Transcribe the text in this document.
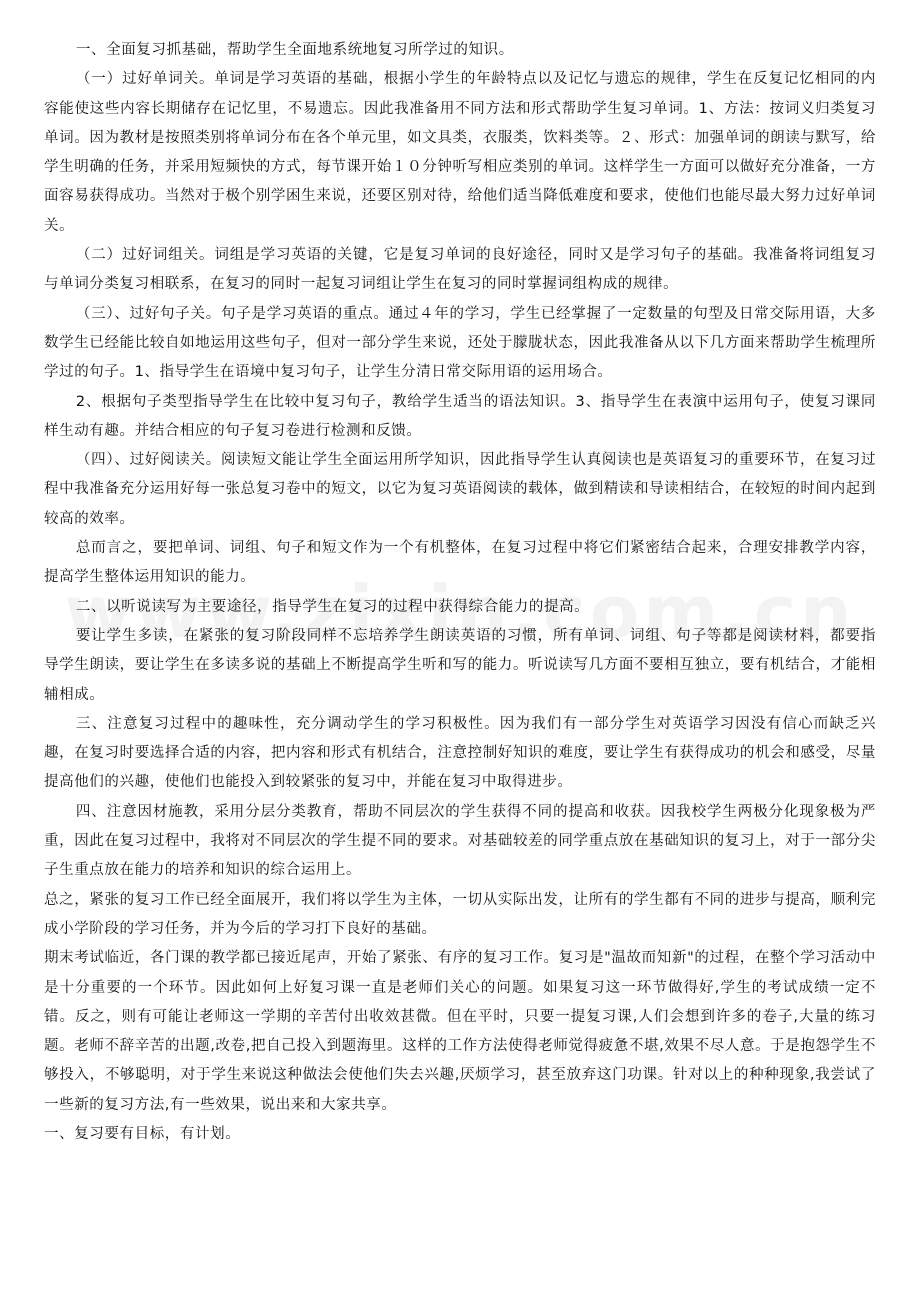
一、全面复习抓基础，帮助学生全面地系统地复习所学过的知识。

（一）过好单词关。单词是学习英语的基础，根据小学生的年龄特点以及记忆与遗忘的规律，学生在反复记忆相同的内容能使这些内容长期储存在记忆里，不易遗忘。因此我准备用不同方法和形式帮助学生复习单词。1、方法：按词义归类复习单词。因为教材是按照类别将单词分布在各个单元里，如文具类，衣服类，饮料类等。２、形式：加强单词的朗读与默写，给学生明确的任务，并采用短频快的方式，每节课开始１０分钟听写相应类别的单词。这样学生一方面可以做好充分准备，一方面容易获得成功。当然对于极个别学困生来说，还要区别对待，给他们适当降低难度和要求，使他们也能尽最大努力过好单词关。

（二）过好词组关。词组是学习英语的关键，它是复习单词的良好途径，同时又是学习句子的基础。我准备将词组复习与单词分类复习相联系，在复习的同时一起复习词组让学生在复习的同时掌握词组构成的规律。

（三）、过好句子关。句子是学习英语的重点。通过４年的学习，学生已经掌握了一定数量的句型及日常交际用语，大多数学生已经能比较自如地运用这些句子，但对一部分学生来说，还处于朦胧状态，因此我准备从以下几方面来帮助学生梳理所学过的句子。1、指导学生在语境中复习句子，让学生分清日常交际用语的运用场合。

2、根据句子类型指导学生在比较中复习句子，教给学生适当的语法知识。3、指导学生在表演中运用句子，使复习课同样生动有趣。并结合相应的句子复习卷进行检测和反馈。

（四）、过好阅读关。阅读短文能让学生全面运用所学知识，因此指导学生认真阅读也是英语复习的重要环节，在复习过程中我准备充分运用好每一张总复习卷中的短文，以它为复习英语阅读的载体，做到精读和导读相结合，在较短的时间内起到较高的效率。

总而言之，要把单词、词组、句子和短文作为一个有机整体，在复习过程中将它们紧密结合起来，合理安排教学内容，提高学生整体运用知识的能力。

二、以听说读写为主要途径，指导学生在复习的过程中获得综合能力的提高。

要让学生多读，在紧张的复习阶段同样不忘培养学生朗读英语的习惯，所有单词、词组、句子等都是阅读材料，都要指导学生朗读，要让学生在多读多说的基础上不断提高学生听和写的能力。听说读写几方面不要相互独立，要有机结合，才能相辅相成。

三、注意复习过程中的趣味性，充分调动学生的学习积极性。因为我们有一部分学生对英语学习因没有信心而缺乏兴趣，在复习时要选择合适的内容，把内容和形式有机结合，注意控制好知识的难度，要让学生有获得成功的机会和感受，尽量提高他们的兴趣，使他们也能投入到较紧张的复习中，并能在复习中取得进步。

四、注意因材施教，采用分层分类教育，帮助不同层次的学生获得不同的提高和收获。因我校学生两极分化现象极为严重，因此在复习过程中，我将对不同层次的学生提不同的要求。对基础较差的同学重点放在基础知识的复习上，对于一部分尖子生重点放在能力的培养和知识的综合运用上。

总之，紧张的复习工作已经全面展开，我们将以学生为主体，一切从实际出发，让所有的学生都有不同的进步与提高，顺利完成小学阶段的学习任务，并为今后的学习打下良好的基础。

期末考试临近，各门课的教学都已接近尾声，开始了紧张、有序的复习工作。复习是"温故而知新"的过程，在整个学习活动中是十分重要的一个环节。因此如何上好复习课一直是老师们关心的问题。如果复习这一环节做得好,学生的考试成绩一定不错。反之，则有可能让老师这一学期的辛苦付出收效甚微。但在平时，只要一提复习课,人们会想到许多的卷子,大量的练习题。老师不辞辛苦的出题,改卷,把自己投入到题海里。这样的工作方法使得老师觉得疲惫不堪,效果不尽人意。于是抱怨学生不够投入，不够聪明，对于学生来说这种做法会使他们失去兴趣,厌烦学习，甚至放弃这门功课。针对以上的种种现象,我尝试了一些新的复习方法,有一些效果，说出来和大家共享。

一、复习要有目标，有计划。
